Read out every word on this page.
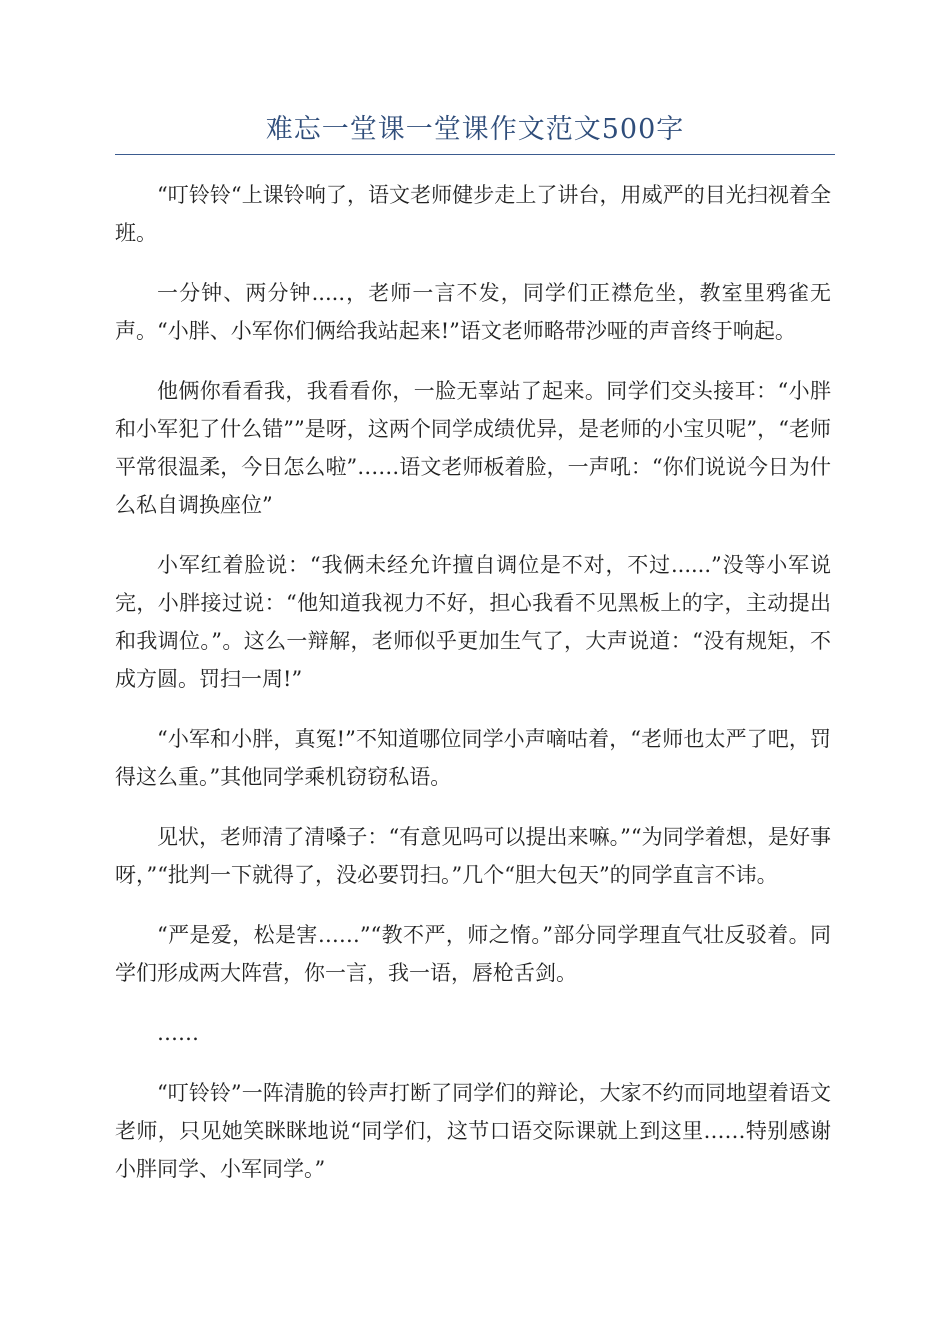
难忘一堂课一堂课作文范文500字

“叮铃铃“上课铃响了，语文老师健步走上了讲台，用威严的目光扫视着全班。

一分钟、两分钟.....，老师一言不发，同学们正襟危坐，教室里鸦雀无声。“小胖、小军你们俩给我站起来!”语文老师略带沙哑的声音终于响起。

他俩你看看我，我看看你，一脸无辜站了起来。同学们交头接耳：“小胖和小军犯了什么错””是呀，这两个同学成绩优异，是老师的小宝贝呢”，“老师平常很温柔，今日怎么啦”……语文老师板着脸，一声吼：“你们说说今日为什么私自调换座位”

小军红着脸说：“我俩未经允许擅自调位是不对，不过......”没等小军说完，小胖接过说：“他知道我视力不好，担心我看不见黑板上的字，主动提出和我调位。”。这么一辩解，老师似乎更加生气了，大声说道：“没有规矩，不成方圆。罚扫一周!”

“小军和小胖，真冤!”不知道哪位同学小声嘀咕着，“老师也太严了吧，罚得这么重。”其他同学乘机窃窃私语。

见状，老师清了清嗓子：“有意见吗可以提出来嘛。”“为同学着想，是好事呀，”“批判一下就得了，没必要罚扫。”几个“胆大包天”的同学直言不讳。

“严是爱，松是害……”“教不严，师之惰。”部分同学理直气壮反驳着。同学们形成两大阵营，你一言，我一语，唇枪舌剑。

……

“叮铃铃”一阵清脆的铃声打断了同学们的辩论，大家不约而同地望着语文老师，只见她笑眯眯地说“同学们，这节口语交际课就上到这里……特别感谢小胖同学、小军同学。”
